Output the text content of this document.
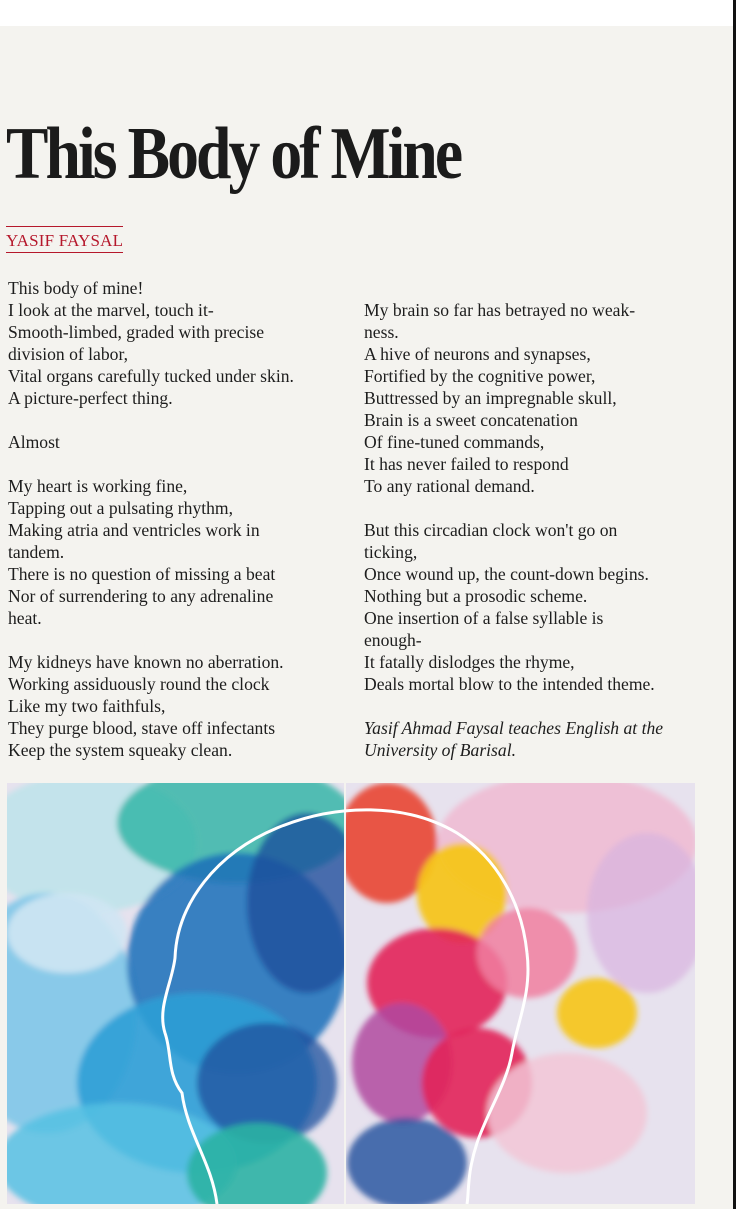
This Body of Mine
YASIF FAYSAL
This body of mine!
I look at the marvel, touch it-
Smooth-limbed, graded with precise
division of labor,
Vital organs carefully tucked under skin.
A picture-perfect thing.
Almost
My heart is working fine,
Tapping out a pulsating rhythm,
Making atria and ventricles work in
tandem.
There is no question of missing a beat
Nor of surrendering to any adrenaline
heat.
My kidneys have known no aberration.
Working assiduously round the clock
Like my two faithfuls,
They purge blood, stave off infectants
Keep the system squeaky clean.
My brain so far has betrayed no weak-
ness.
A hive of neurons and synapses,
Fortified by the cognitive power,
Buttressed by an impregnable skull,
Brain is a sweet concatenation
Of fine-tuned commands,
It has never failed to respond
To any rational demand.
But this circadian clock won't go on
ticking,
Once wound up, the count-down begins.
Nothing but a prosodic scheme.
One insertion of a false syllable is
enough-
It fatally dislodges the rhyme,
Deals mortal blow to the intended theme.
Yasif Ahmad Faysal teaches English at the
University of Barisal.
